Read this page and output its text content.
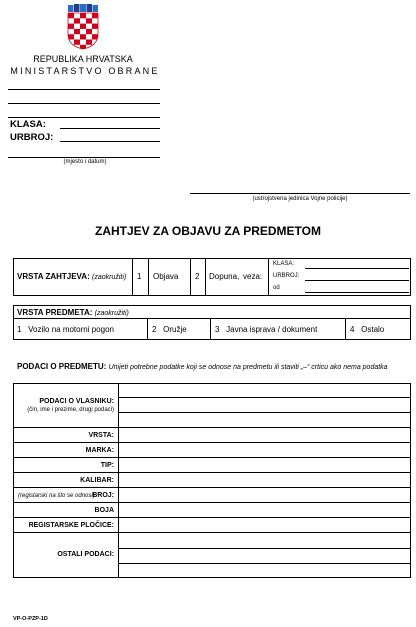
REPUBLIKA HRVATSKA
MINISTARSTVO OBRANE
KLASA:
URBROJ:
(mjesto i datum)
(ustrojstvena jedinica Vojne policije)
ZAHTJEV ZA OBJAVU ZA PREDMETOM
VRSTA ZAHTJEVA: (zaokružiti) 1 Objava 2 Dopuna, veza:
KLASA:
URBROJ:
od
VRSTA PREDMETA: (zaokružiti)
1 Vozilo na motorni pogon	2 Oružje	3 Javna isprava / dokument	4 Ostalo
PODACI O PREDMETU: Unijeti potrebne podatke koji se odnose na predmetu ili staviti „–“ crticu ako nema podatka
PODACI O VLASNIKU:
(čin, ime i prezime, drugi podaci)
VRSTA:
MARKA:
TIP:
KALIBAR:
(registarski na što se odnosi)
BROJ:
BOJA
REGISTARSKE PLOČICE:
OSTALI PODACI:
VP-O-PZP-1D
